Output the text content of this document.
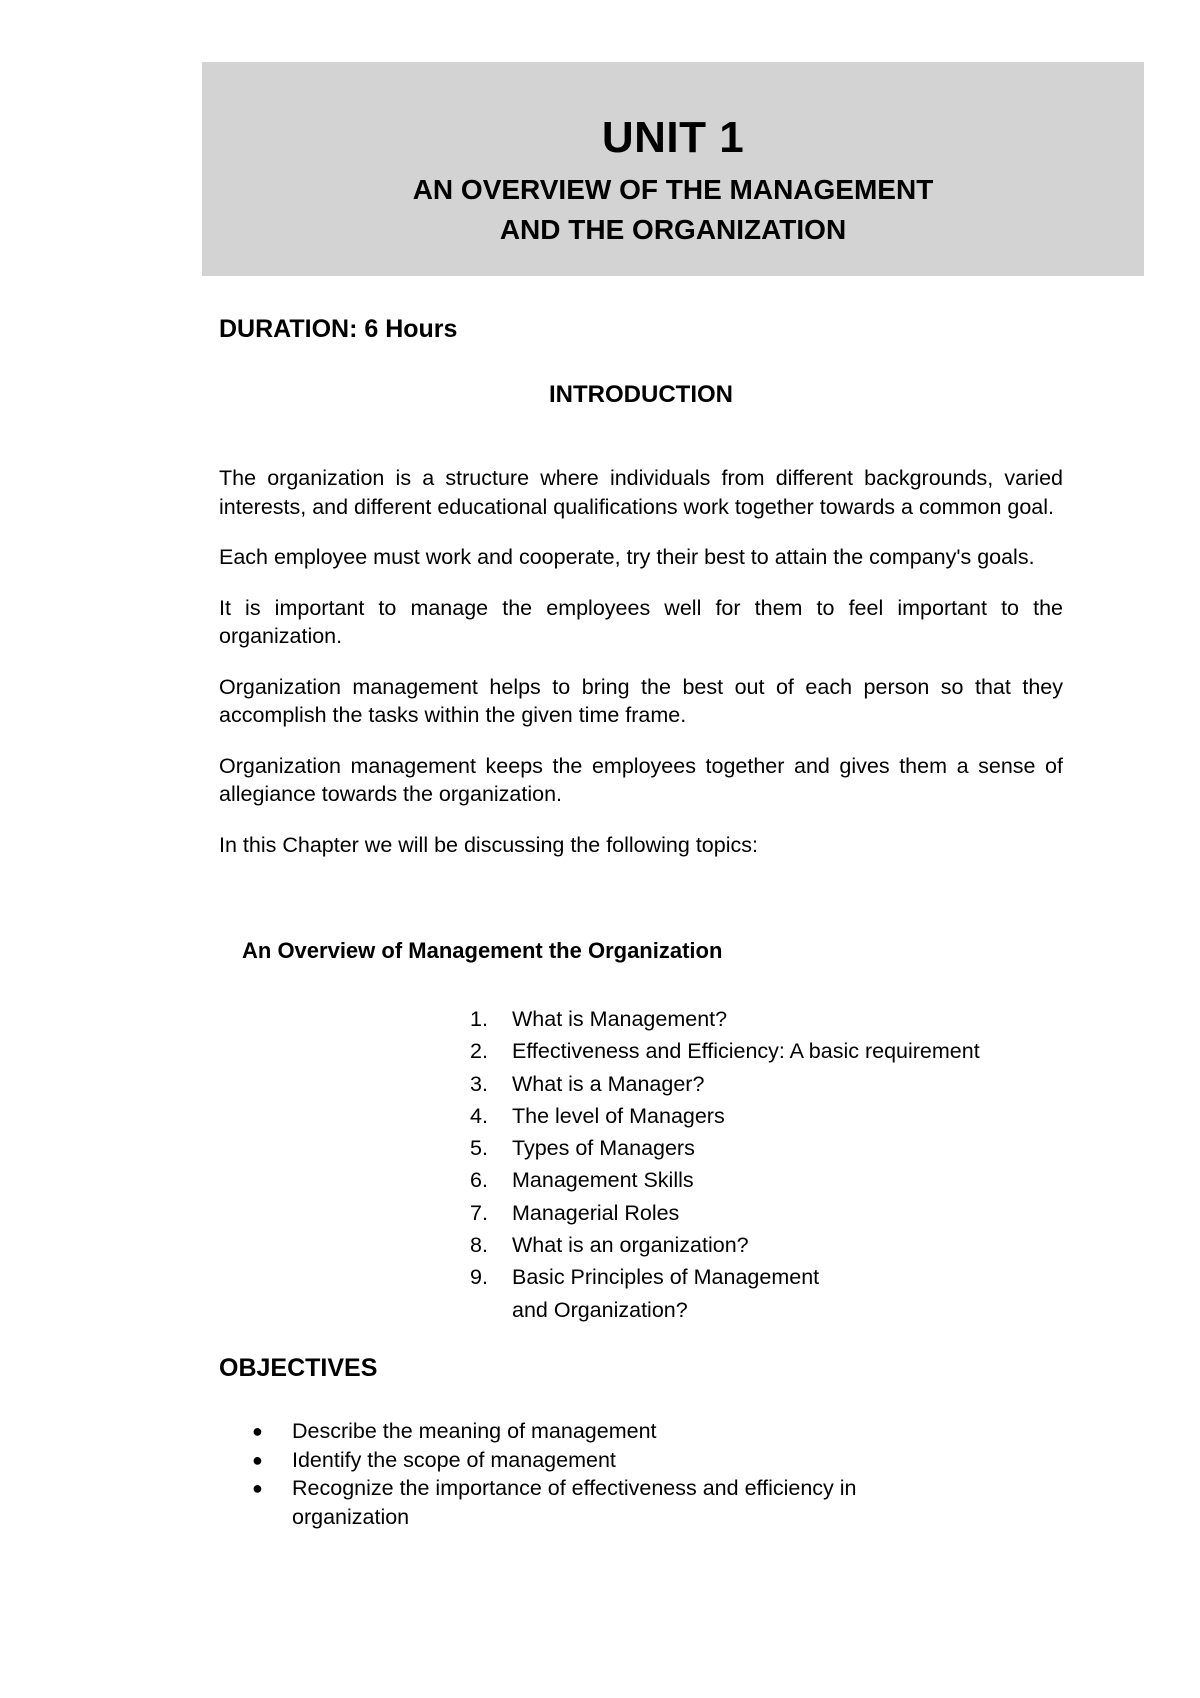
UNIT 1
AN OVERVIEW OF THE MANAGEMENT
AND THE ORGANIZATION

DURATION: 6 Hours

INTRODUCTION

The organization is a structure where individuals from different backgrounds, varied interests, and different educational qualifications work together towards a common goal.

Each employee must work and cooperate, try their best to attain the company's goals.

It is important to manage the employees well for them to feel important to the organization.

Organization management helps to bring the best out of each person so that they accomplish the tasks within the given time frame.

Organization management keeps the employees together and gives them a sense of allegiance towards the organization.

In this Chapter we will be discussing the following topics:

An Overview of Management the Organization

1.	What is Management?
2.	Effectiveness and Efficiency: A basic requirement
3.	What is a Manager?
4.	The level of Managers
5.	Types of Managers
6.	Management Skills
7.	Managerial Roles
8.	What is an organization?
9.	Basic Principles of Management
and Organization?
OBJECTIVES
●	Describe the meaning of management
●	Identify the scope of management
●	Recognize the importance of effectiveness and efficiency in organization
